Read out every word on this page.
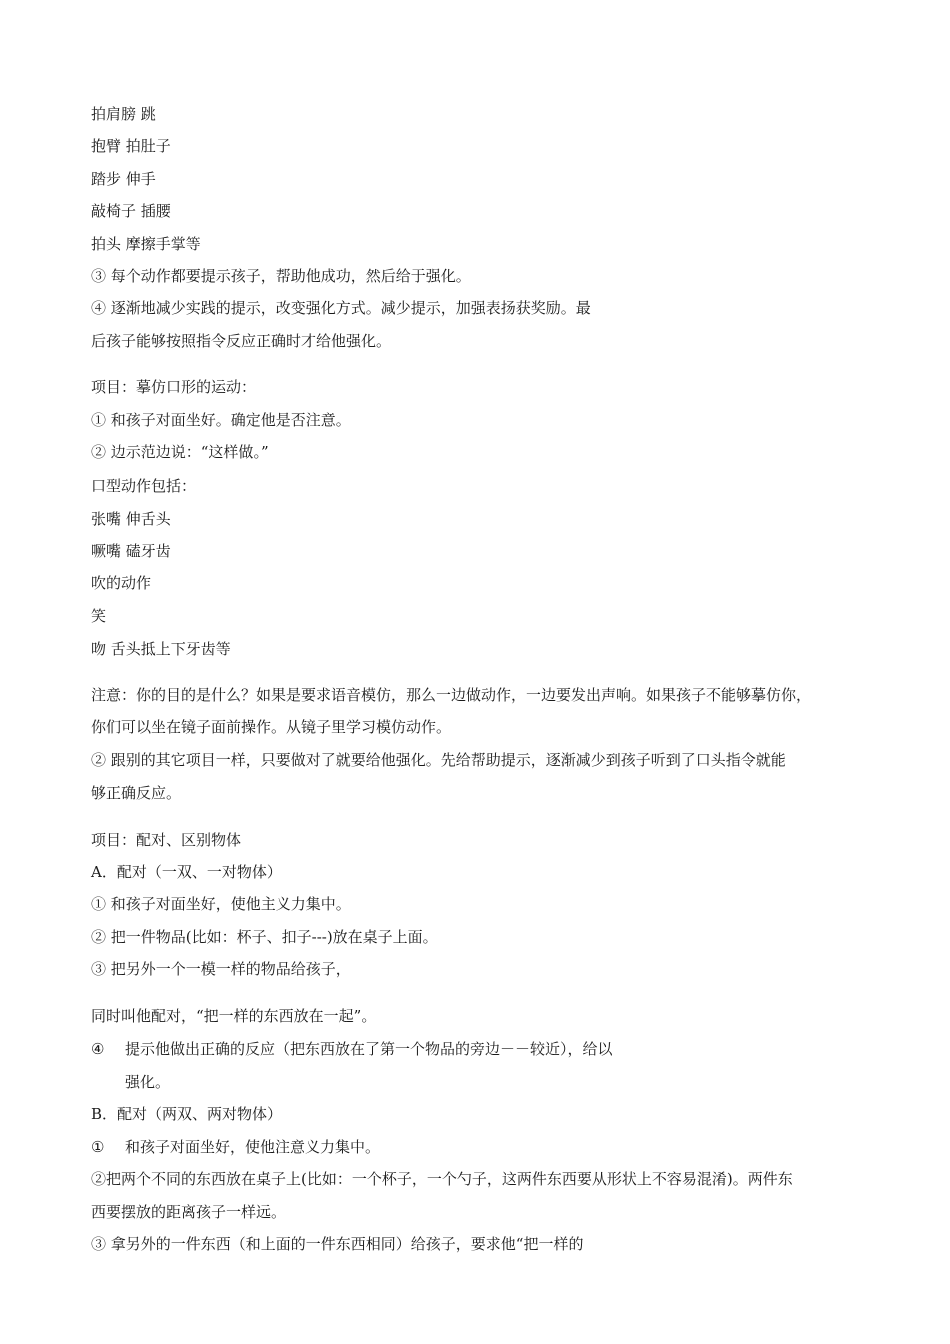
拍肩膀 跳
抱臂 拍肚子
踏步 伸手
敲椅子 插腰
拍头 摩擦手掌等
③ 每个动作都要提示孩子，帮助他成功，然后给于强化。
④ 逐渐地减少实践的提示，改变强化方式。减少提示，加强表扬获奖励。最
后孩子能够按照指令反应正确时才给他强化。
项目：摹仿口形的运动：
① 和孩子对面坐好。确定他是否注意。
② 边示范边说：“这样做。”
口型动作包括：
张嘴 伸舌头
噘嘴 磕牙齿
吹的动作
笑
吻 舌头抵上下牙齿等
注意：你的目的是什么？如果是要求语音模仿，那么一边做动作，一边要发出声响。如果孩子不能够摹仿你，
你们可以坐在镜子面前操作。从镜子里学习模仿动作。
② 跟别的其它项目一样，只要做对了就要给他强化。先给帮助提示，逐渐减少到孩子听到了口头指令就能
够正确反应。
项目：配对、区别物体
A．配对（一双、一对物体）
① 和孩子对面坐好，使他主义力集中。
② 把一件物品(比如：杯子、扣子---)放在桌子上面。
③ 把另外一个一模一样的物品给孩子，
同时叫他配对，“把一样的东西放在一起”。
④	提示他做出正确的反应（把东西放在了第一个物品的旁边－－较近），给以
强化。
B．配对（两双、两对物体）
①	和孩子对面坐好，使他注意义力集中。
②把两个不同的东西放在桌子上(比如：一个杯子，一个勺子，这两件东西要从形状上不容易混淆)。两件东
西要摆放的距离孩子一样远。
③ 拿另外的一件东西（和上面的一件东西相同）给孩子，要求他“把一样的
